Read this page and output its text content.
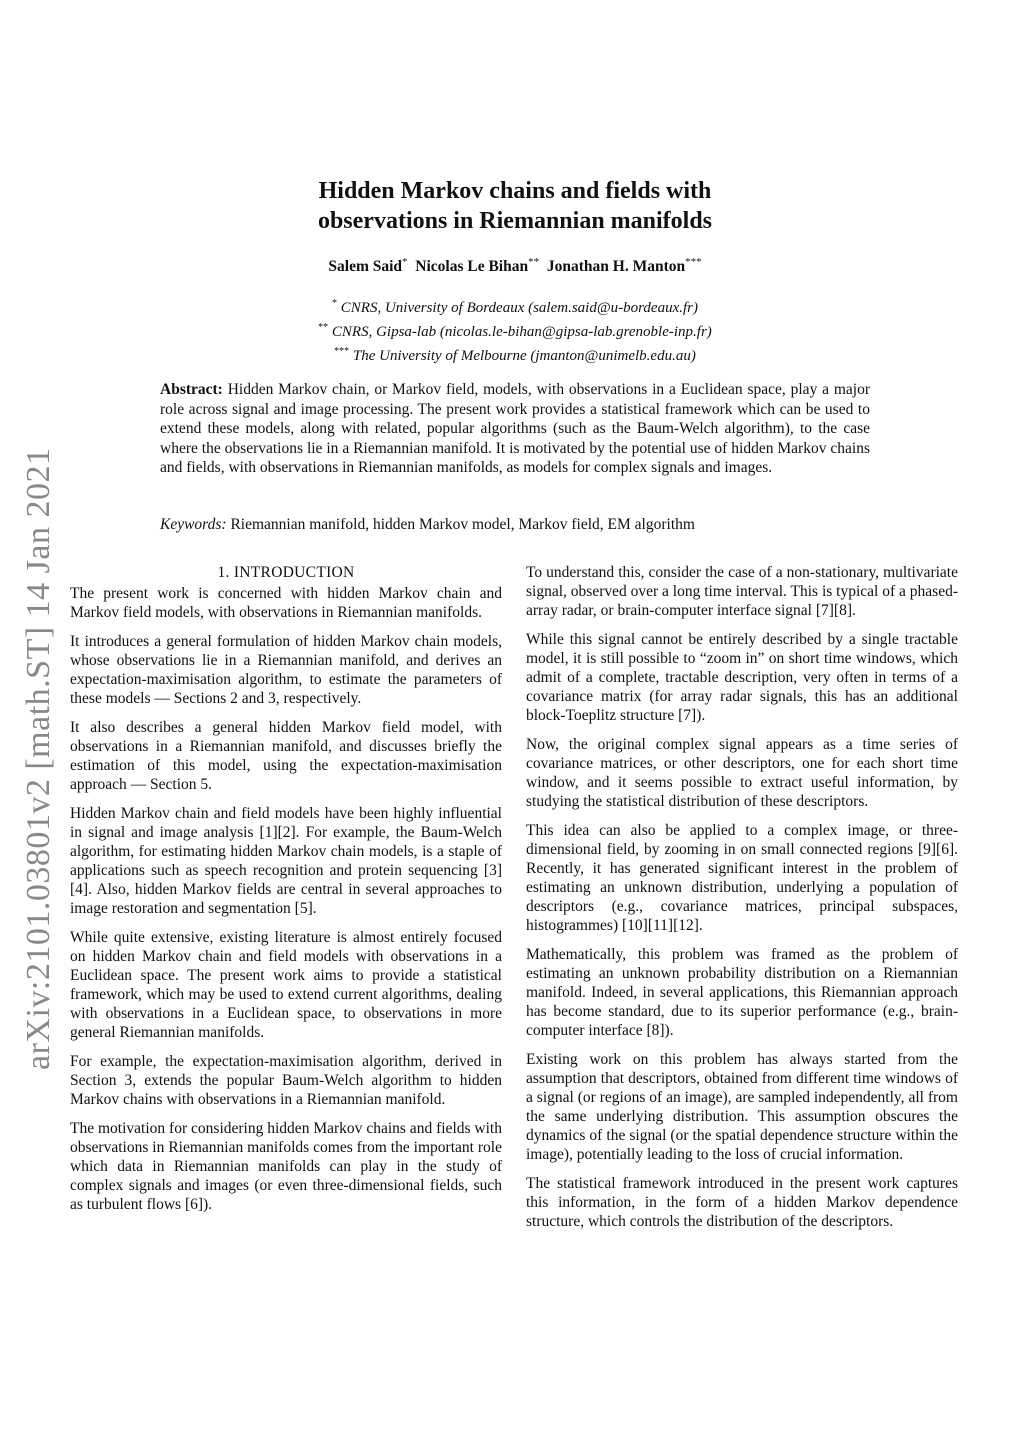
arXiv:2101.03801v2 [math.ST] 14 Jan 2021
Hidden Markov chains and fields with
observations in Riemannian manifolds
Salem Said* Nicolas Le Bihan** Jonathan H. Manton***
* CNRS, University of Bordeaux (salem.said@u-bordeaux.fr)
** CNRS, Gipsa-lab (nicolas.le-bihan@gipsa-lab.grenoble-inp.fr)
*** The University of Melbourne (jmanton@unimelb.edu.au)
Abstract: Hidden Markov chain, or Markov field, models, with observations in a Euclidean space, play a major role across signal and image processing. The present work provides a statistical framework which can be used to extend these models, along with related, popular algorithms (such as the Baum-Welch algorithm), to the case where the observations lie in a Riemannian manifold. It is motivated by the potential use of hidden Markov chains and fields, with observations in Riemannian manifolds, as models for complex signals and images.
Keywords: Riemannian manifold, hidden Markov model, Markov field, EM algorithm
1. INTRODUCTION

The present work is concerned with hidden Markov chain and Markov field models, with observations in Riemannian manifolds.

It introduces a general formulation of hidden Markov chain models, whose observations lie in a Riemannian manifold, and derives an expectation-maximisation algorithm, to estimate the parameters of these models — Sections 2 and 3, respectively.

It also describes a general hidden Markov field model, with observations in a Riemannian manifold, and discusses briefly the estimation of this model, using the expectation-maximisation approach — Section 5.

Hidden Markov chain and field models have been highly influential in signal and image analysis [1][2]. For example, the Baum-Welch algorithm, for estimating hidden Markov chain models, is a staple of applications such as speech recognition and protein sequencing [3][4]. Also, hidden Markov fields are central in several approaches to image restoration and segmentation [5].

While quite extensive, existing literature is almost entirely focused on hidden Markov chain and field models with observations in a Euclidean space. The present work aims to provide a statistical framework, which may be used to extend current algorithms, dealing with observations in a Euclidean space, to observations in more general Riemannian manifolds.

For example, the expectation-maximisation algorithm, derived in Section 3, extends the popular Baum-Welch algorithm to hidden Markov chains with observations in a Riemannian manifold.

The motivation for considering hidden Markov chains and fields with observations in Riemannian manifolds comes from the important role which data in Riemannian manifolds can play in the study of complex signals and images (or even three-dimensional fields, such as turbulent flows [6]).

To understand this, consider the case of a non-stationary, multivariate signal, observed over a long time interval. This is typical of a phased-array radar, or brain-computer interface signal [7][8].

While this signal cannot be entirely described by a single tractable model, it is still possible to “zoom in” on short time windows, which admit of a complete, tractable description, very often in terms of a covariance matrix (for array radar signals, this has an additional block-Toeplitz structure [7]).

Now, the original complex signal appears as a time series of covariance matrices, or other descriptors, one for each short time window, and it seems possible to extract useful information, by studying the statistical distribution of these descriptors.

This idea can also be applied to a complex image, or three-dimensional field, by zooming in on small connected regions [9][6]. Recently, it has generated significant interest in the problem of estimating an unknown distribution, underlying a population of descriptors (e.g., covariance matrices, principal subspaces, histogrammes) [10][11][12].

Mathematically, this problem was framed as the problem of estimating an unknown probability distribution on a Riemannian manifold. Indeed, in several applications, this Riemannian approach has become standard, due to its superior performance (e.g., brain-computer interface [8]).

Existing work on this problem has always started from the assumption that descriptors, obtained from different time windows of a signal (or regions of an image), are sampled independently, all from the same underlying distribution. This assumption obscures the dynamics of the signal (or the spatial dependence structure within the image), potentially leading to the loss of crucial information.

The statistical framework introduced in the present work captures this information, in the form of a hidden Markov dependence structure, which controls the distribution of the descriptors.
